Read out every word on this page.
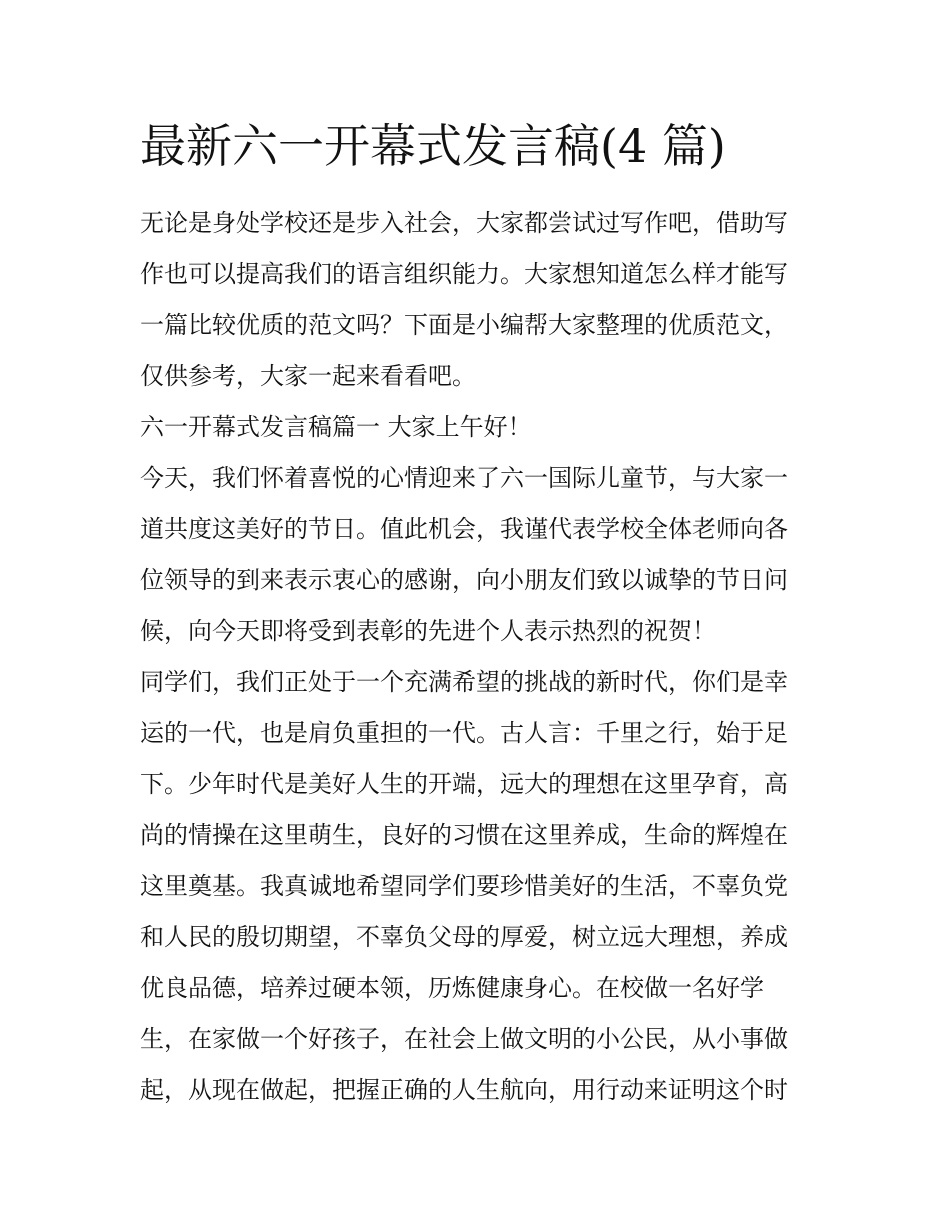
最新六一开幕式发言稿(4 篇)
无论是身处学校还是步入社会，大家都尝试过写作吧，借助写
作也可以提高我们的语言组织能力。大家想知道怎么样才能写
一篇比较优质的范文吗？下面是小编帮大家整理的优质范文，
仅供参考，大家一起来看看吧。
六一开幕式发言稿篇一 大家上午好！
今天，我们怀着喜悦的心情迎来了六一国际儿童节，与大家一
道共度这美好的节日。值此机会，我谨代表学校全体老师向各
位领导的到来表示衷心的感谢，向小朋友们致以诚挚的节日问
候，向今天即将受到表彰的先进个人表示热烈的祝贺！
同学们，我们正处于一个充满希望的挑战的新时代，你们是幸
运的一代，也是肩负重担的一代。古人言：千里之行，始于足
下。少年时代是美好人生的开端，远大的理想在这里孕育，高
尚的情操在这里萌生，良好的习惯在这里养成，生命的辉煌在
这里奠基。我真诚地希望同学们要珍惜美好的生活，不辜负党
和人民的殷切期望，不辜负父母的厚爱，树立远大理想，养成
优良品德，培养过硬本领，历炼健康身心。在校做一名好学
生，在家做一个好孩子，在社会上做文明的小公民，从小事做
起，从现在做起，把握正确的人生航向，用行动来证明这个时
